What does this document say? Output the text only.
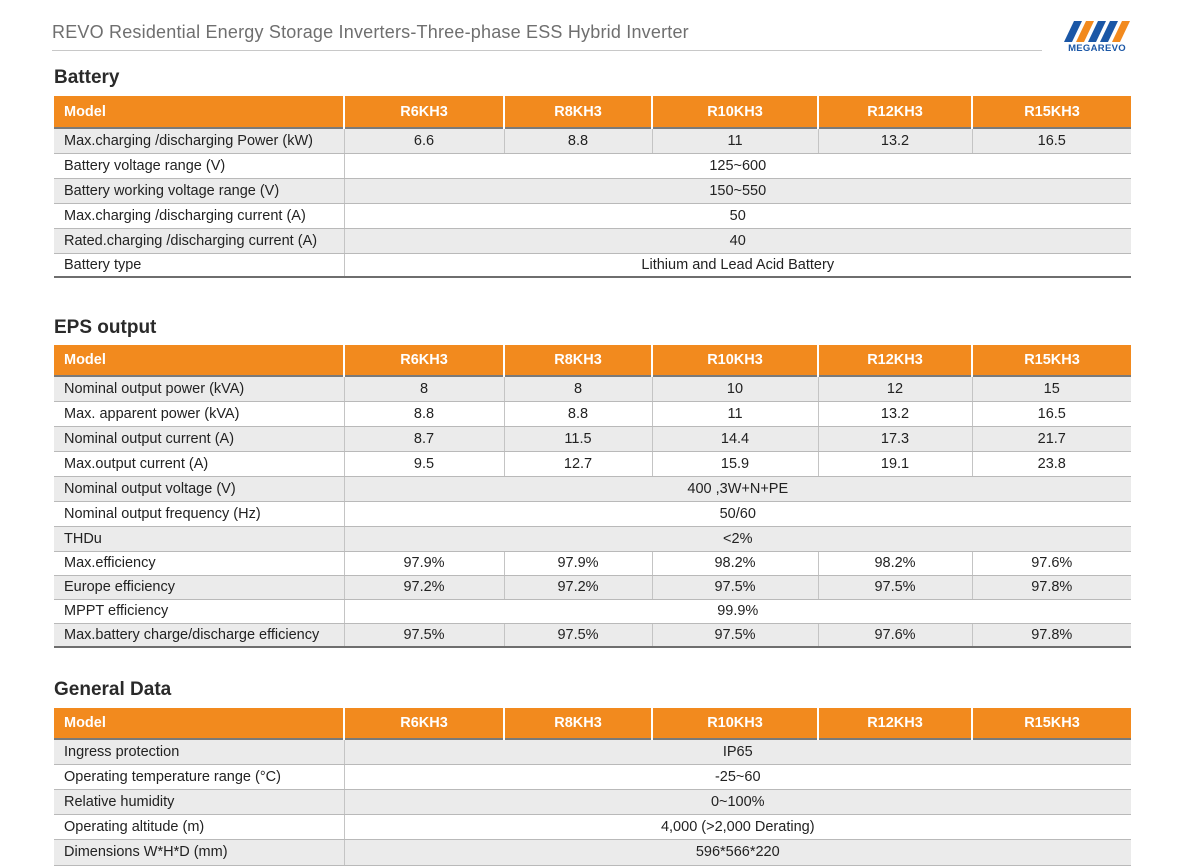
REVO Residential Energy Storage Inverters-Three-phase ESS Hybrid Inverter
MEGAREVO
Battery
Model	R6KH3	R8KH3	R10KH3	R12KH3	R15KH3
Max.charging /discharging Power (kW)	6.6	8.8	11	13.2	16.5
Battery voltage range (V)	125~600				
Battery working voltage range (V)	150~550				
Max.charging /discharging current (A)	50				
Rated.charging /discharging current (A)	40				
Battery type	Lithium and Lead Acid Battery				
EPS output
Model	R6KH3	R8KH3	R10KH3	R12KH3	R15KH3
Nominal output power (kVA)	8	8	10	12	15
Max. apparent power (kVA)	8.8	8.8	11	13.2	16.5
Nominal output current (A)	8.7	11.5	14.4	17.3	21.7
Max.output current (A)	9.5	12.7	15.9	19.1	23.8
Nominal output voltage (V)	400 ,3W+N+PE				
Nominal output frequency (Hz)	50/60				
THDu	<2%				
Max.efficiency	97.9%	97.9%	98.2%	98.2%	97.6%
Europe efficiency	97.2%	97.2%	97.5%	97.5%	97.8%
MPPT efficiency	99.9%				
Max.battery charge/discharge efficiency	97.5%	97.5%	97.5%	97.6%	97.8%
General Data
Model	R6KH3	R8KH3	R10KH3	R12KH3	R15KH3
Ingress protection	IP65				
Operating temperature range (°C)	-25~60				
Relative humidity	0~100%				
Operating altitude (m)	4,000 (>2,000 Derating)				
Dimensions W*H*D (mm)	596*566*220				
